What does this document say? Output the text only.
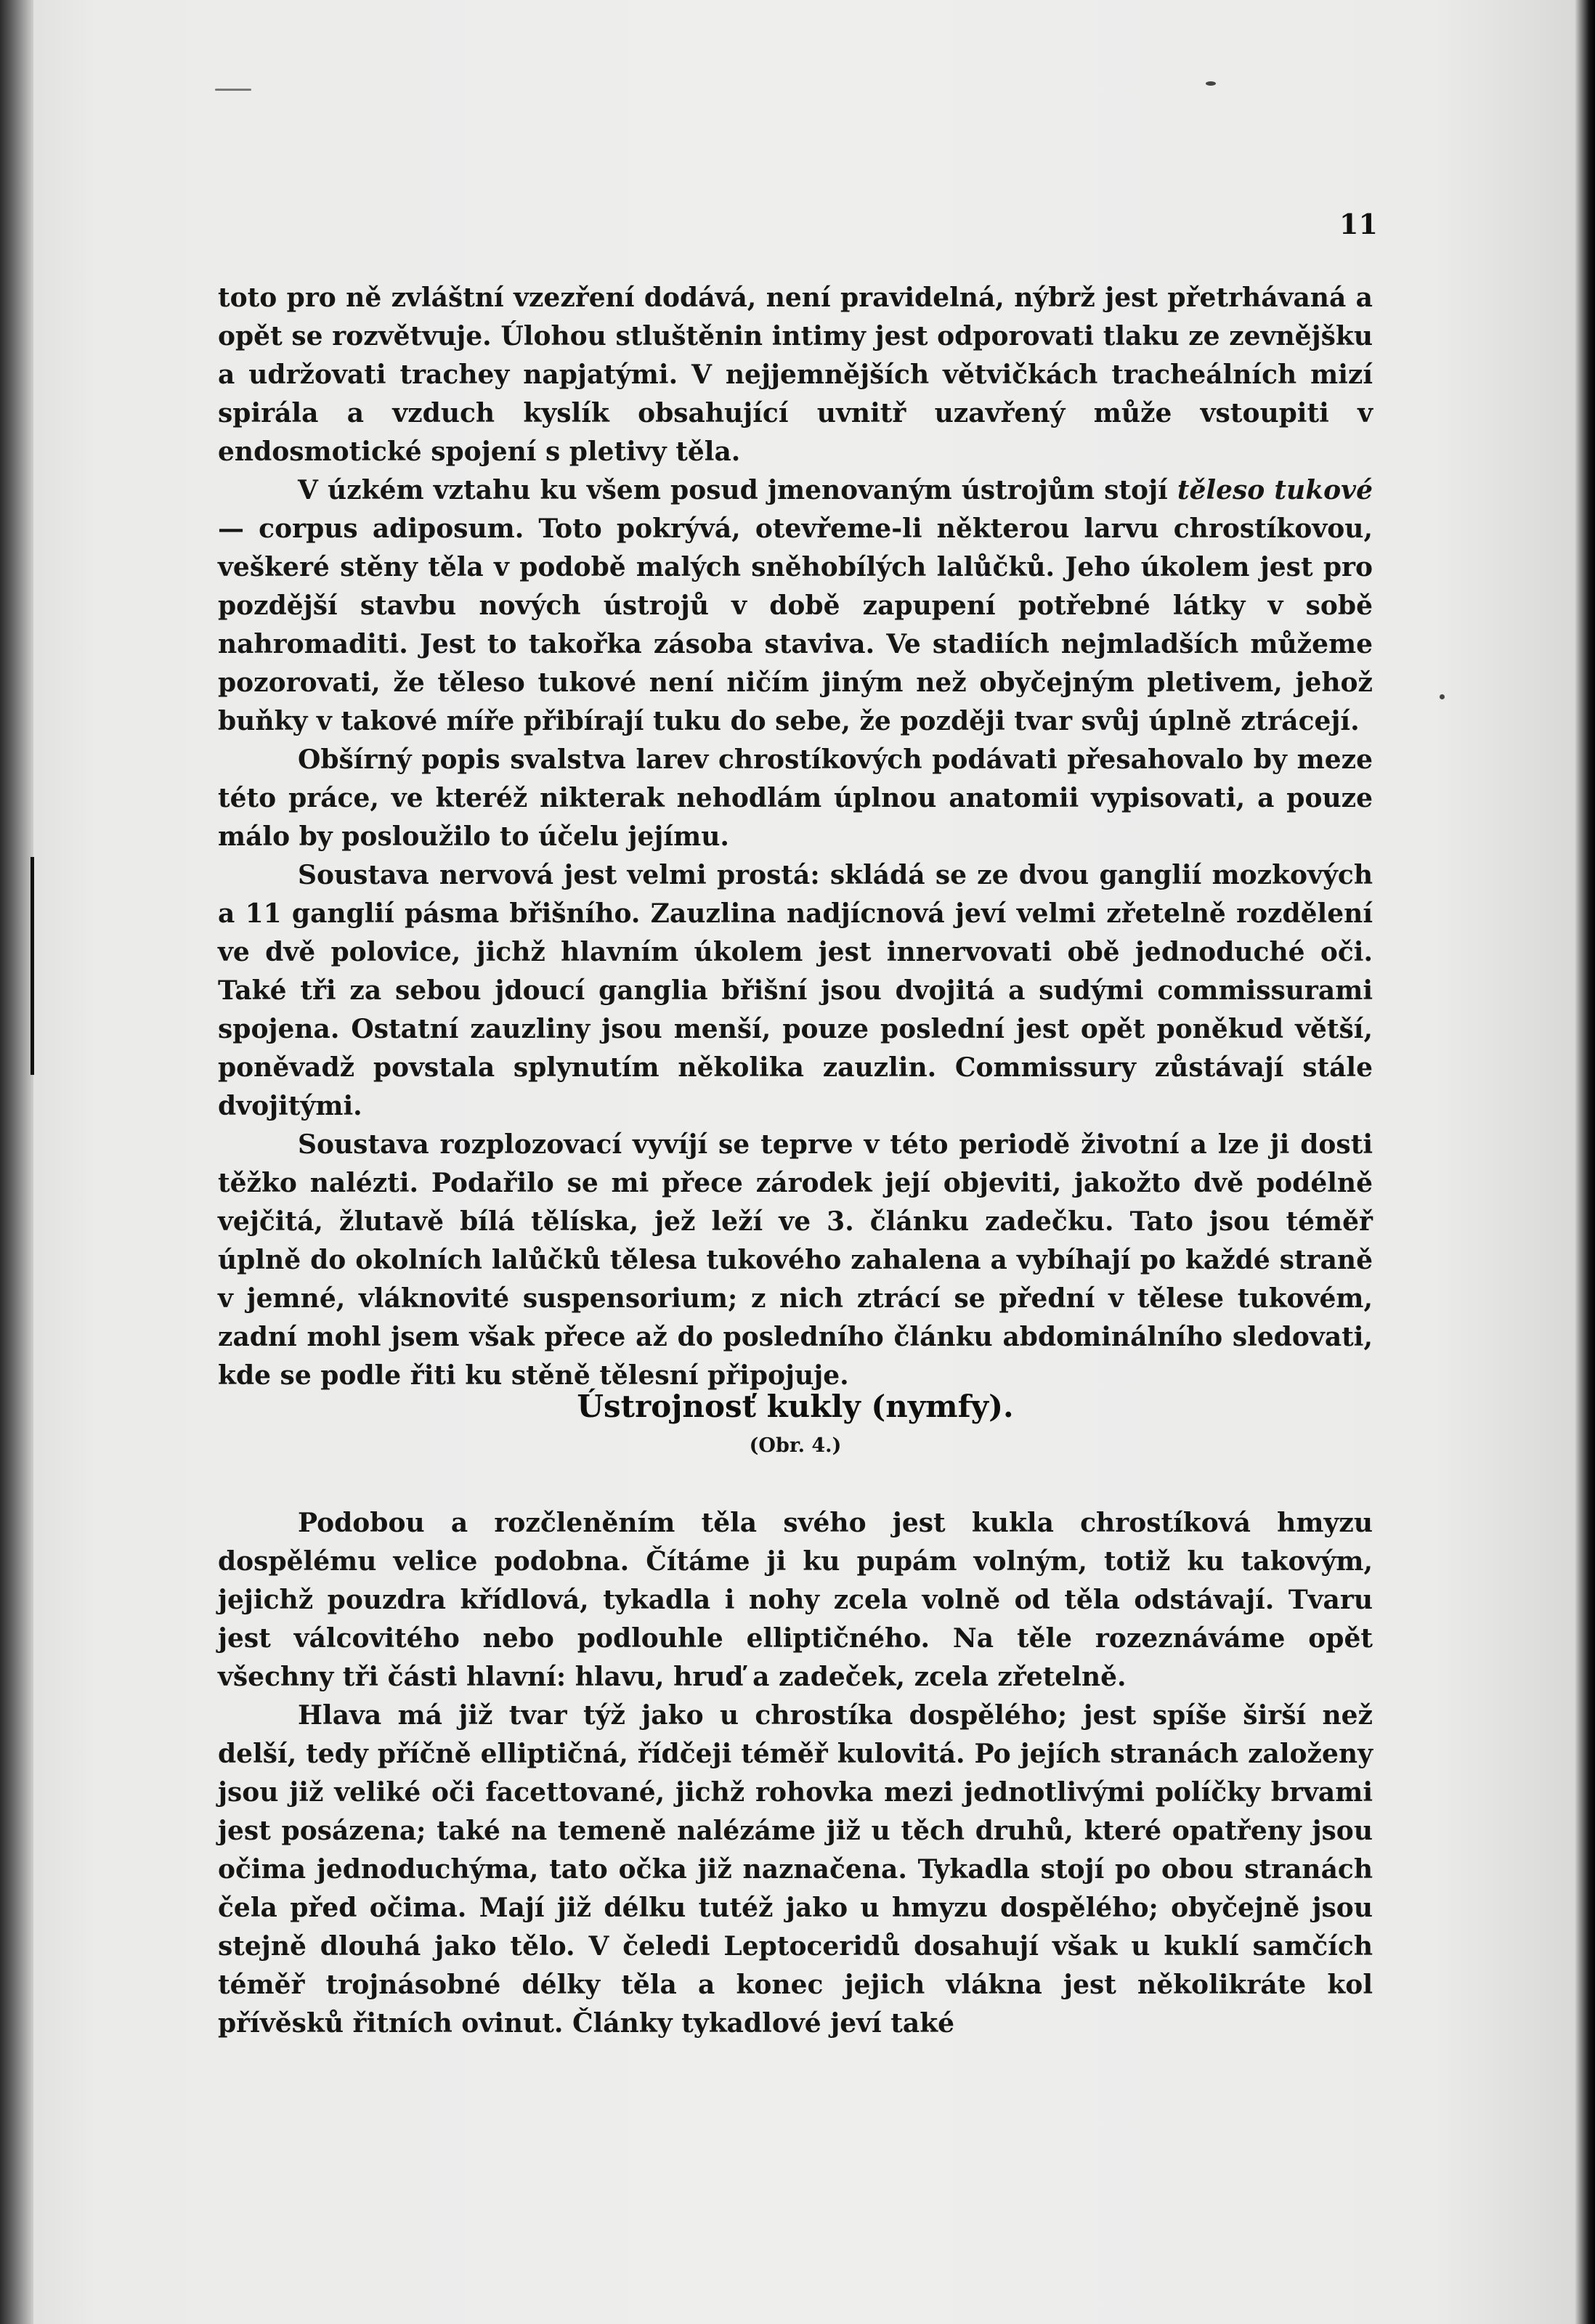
11

toto pro ně zvláštní vzezření dodává, není pravidelná, nýbrž jest přetrhávaná a opět se rozvětvuje. Úlohou stluštěnin intimy jest odporovati tlaku ze zevnějšku a udržovati trachey napjatými. V nejjemnějších větvičkách tracheálních mizí spirála a vzduch kyslík obsahující uvnitř uzavřený může vstoupiti v endosmotické spojení s pletivy těla.

V úzkém vztahu ku všem posud jmenovaným ústrojům stojí těleso tukové — corpus adiposum. Toto pokrývá, otevřeme-li některou larvu chrostíkovou, veškeré stěny těla v podobě malých sněhobílých lalůčků. Jeho úkolem jest pro pozdější stavbu nových ústrojů v době zapupení potřebné látky v sobě nahromaditi. Jest to takořka zásoba staviva. Ve stadiích nejmladších můžeme pozorovati, že těleso tukové není ničím jiným než obyčejným pletivem, jehož buňky v takové míře přibírají tuku do sebe, že později tvar svůj úplně ztrácejí.

Obšírný popis svalstva larev chrostíkových podávati přesahovalo by meze této práce, ve kteréž nikterak nehodlám úplnou anatomii vypisovati, a pouze málo by posloužilo to účelu jejímu.

Soustava nervová jest velmi prostá: skládá se ze dvou ganglií mozkových a 11 ganglií pásma břišního. Zauzlina nadjícnová jeví velmi zřetelně rozdělení ve dvě polovice, jichž hlavním úkolem jest innervovati obě jednoduché oči. Také tři za sebou jdoucí ganglia břišní jsou dvojitá a sudými commissurami spojena. Ostatní zauzliny jsou menší, pouze poslední jest opět poněkud větší, poněvadž povstala splynutím několika zauzlin. Commissury zůstávají stále dvojitými.

Soustava rozplozovací vyvíjí se teprve v této periodě životní a lze ji dosti těžko nalézti. Podařilo se mi přece zárodek její objeviti, jakožto dvě podélně vejčitá, žlutavě bílá tělíska, jež leží ve 3. článku zadečku. Tato jsou téměř úplně do okolních lalůčků tělesa tukového zahalena a vybíhají po každé straně v jemné, vláknovité suspensorium; z nich ztrácí se přední v tělese tukovém, zadní mohl jsem však přece až do posledního článku abdominálního sledovati, kde se podle řiti ku stěně tělesní připojuje.

Ústrojnosť kukly (nymfy).
(Obr. 4.)

Podobou a rozčleněním těla svého jest kukla chrostíková hmyzu dospělému velice podobna. Čítáme ji ku pupám volným, totiž ku takovým, jejichž pouzdra křídlová, tykadla i nohy zcela volně od těla odstávají. Tvaru jest válcovitého nebo podlouhle elliptičného. Na těle rozeznáváme opět všechny tři části hlavní: hlavu, hruď a zadeček, zcela zřetelně.

Hlava má již tvar týž jako u chrostíka dospělého; jest spíše širší než delší, tedy příčně elliptičná, řídčeji téměř kulovitá. Po jejích stranách založeny jsou již veliké oči facettované, jichž rohovka mezi jednotlivými políčky brvami jest posázena; také na temeně nalézáme již u těch druhů, které opatřeny jsou očima jednoduchýma, tato očka již naznačena. Tykadla stojí po obou stranách čela před očima. Mají již délku tutéž jako u hmyzu dospělého; obyčejně jsou stejně dlouhá jako tělo. V čeledi Leptoceridů dosahují však u kuklí samčích téměř trojnásobné délky těla a konec jejich vlákna jest několikráte kol přívěsků řitních ovinut. Články tykadlové jeví také
